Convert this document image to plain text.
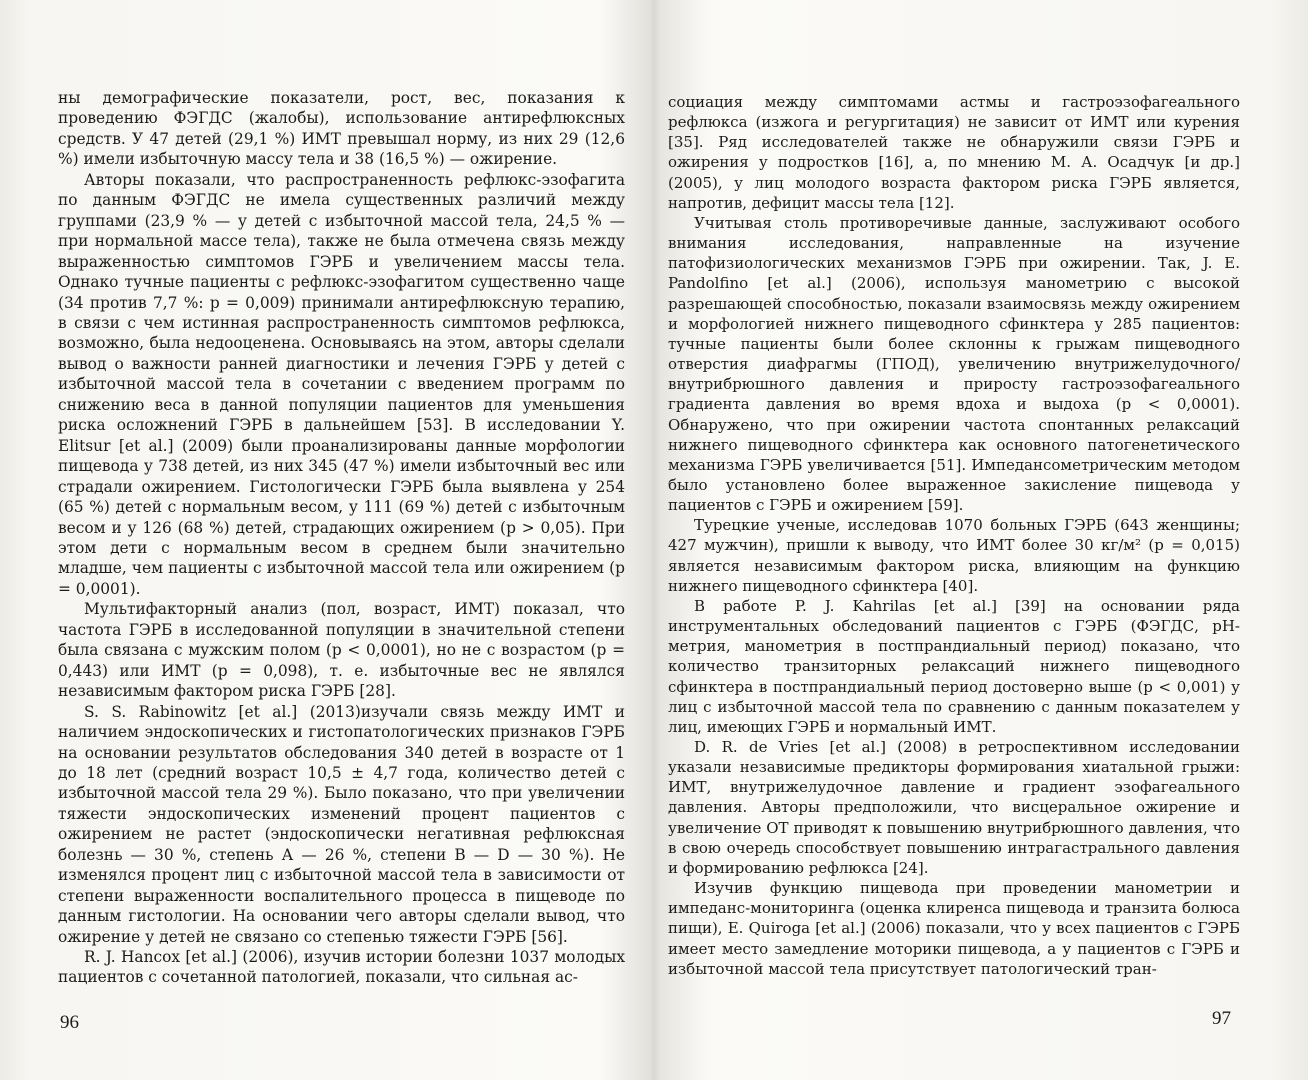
ны демографические показатели, рост, вес, показания к проведению ФЭГДС (жалобы), использование антирефлюксных средств. У 47 детей (29,1 %) ИМТ превышал норму, из них 29 (12,6 %) имели избыточную массу тела и 38 (16,5 %) — ожирение.

Авторы показали, что распространенность рефлюкс-эзофагита по данным ФЭГДС не имела существенных различий между группами (23,9 % — у детей с избыточной массой тела, 24,5 % — при нормальной массе тела), также не была отмечена связь между выраженностью симптомов ГЭРБ и увеличением массы тела. Однако тучные пациенты с рефлюкс-эзофагитом существенно чаще (34 против 7,7 %: p = 0,009) принимали антирефлюксную терапию, в связи с чем истинная распространенность симптомов рефлюкса, возможно, была недооценена. Основываясь на этом, авторы сделали вывод о важности ранней диагностики и лечения ГЭРБ у детей с избыточной массой тела в сочетании с введением программ по снижению веса в данной популяции пациентов для уменьшения риска осложнений ГЭРБ в дальнейшем [53]. В исследовании Y. Elitsur [et al.] (2009) были проанализированы данные морфологии пищевода у 738 детей, из них 345 (47 %) имели избыточный вес или страдали ожирением. Гистологически ГЭРБ была выявлена у 254 (65 %) детей с нормальным весом, у 111 (69 %) детей с избыточным весом и у 126 (68 %) детей, страдающих ожирением (p > 0,05). При этом дети с нормальным весом в среднем были значительно младше, чем пациенты с избыточной массой тела или ожирением (p = 0,0001).

Мультифакторный анализ (пол, возраст, ИМТ) показал, что частота ГЭРБ в исследованной популяции в значительной степени была связана с мужским полом (p < 0,0001), но не с возрастом (p = 0,443) или ИМТ (p = 0,098), т. е. избыточные вес не являлся независимым фактором риска ГЭРБ [28].

S. S. Rabinowitz [et al.] (2013)изучали связь между ИМТ и наличием эндоскопических и гистопатологических признаков ГЭРБ на основании результатов обследования 340 детей в возрасте от 1 до 18 лет (средний возраст 10,5 ± 4,7 года, количество детей с избыточной массой тела 29 %). Было показано, что при увеличении тяжести эндоскопических изменений процент пациентов с ожирением не растет (эндоскопически негативная рефлюксная болезнь — 30 %, степень А — 26 %, степени В — D — 30 %). Не изменялся процент лиц с избыточной массой тела в зависимости от степени выраженности воспалительного процесса в пищеводе по данным гистологии. На основании чего авторы сделали вывод, что ожирение у детей не связано со степенью тяжести ГЭРБ [56].

R. J. Hancox [et al.] (2006), изучив истории болезни 1037 молодых пациентов с сочетанной патологией, показали, что сильная ас-

96

социация между симптомами астмы и гастроэзофагеального рефлюкса (изжога и регургитация) не зависит от ИМТ или курения [35]. Ряд исследователей также не обнаружили связи ГЭРБ и ожирения у подростков [16], а, по мнению М. А. Осадчук [и др.] (2005), у лиц молодого возраста фактором риска ГЭРБ является, напротив, дефицит массы тела [12].

Учитывая столь противоречивые данные, заслуживают особого внимания исследования, направленные на изучение патофизиологических механизмов ГЭРБ при ожирении. Так, J. E. Pandolfino [et al.] (2006), используя манометрию с высокой разрешающей способностью, показали взаимосвязь между ожирением и морфологией нижнего пищеводного сфинктера у 285 пациентов: тучные пациенты были более склонны к грыжам пищеводного отверстия диафрагмы (ГПОД), увеличению внутрижелудочного/внутрибрюшного давления и приросту гастроэзофагеального градиента давления во время вдоха и выдоха (p < 0,0001). Обнаружено, что при ожирении частота спонтанных релаксаций нижнего пищеводного сфинктера как основного патогенетического механизма ГЭРБ увеличивается [51]. Импедансометрическим методом было установлено более выраженное закисление пищевода у пациентов с ГЭРБ и ожирением [59].

Турецкие ученые, исследовав 1070 больных ГЭРБ (643 женщины; 427 мужчин), пришли к выводу, что ИМТ более 30 кг/м² (p = 0,015) является независимым фактором риска, влияющим на функцию нижнего пищеводного сфинктера [40].

В работе P. J. Kahrilas [et al.] [39] на основании ряда инструментальных обследований пациентов с ГЭРБ (ФЭГДС, pH-метрия, манометрия в постпрандиальный период) показано, что количество транзиторных релаксаций нижнего пищеводного сфинктера в постпрандиальный период достоверно выше (p < 0,001) у лиц с избыточной массой тела по сравнению с данным показателем у лиц, имеющих ГЭРБ и нормальный ИМТ.

D. R. de Vries [et al.] (2008) в ретроспективном исследовании указали независимые предикторы формирования хиатальной грыжи: ИМТ, внутрижелудочное давление и градиент эзофагеального давления. Авторы предположили, что висцеральное ожирение и увеличение ОТ приводят к повышению внутрибрюшного давления, что в свою очередь способствует повышению интрагастрального давления и формированию рефлюкса [24].

Изучив функцию пищевода при проведении манометрии и импеданс-мониторинга (оценка клиренса пищевода и транзита болюса пищи), E. Quiroga [et al.] (2006) показали, что у всех пациентов с ГЭРБ имеет место замедление моторики пищевода, а у пациентов с ГЭРБ и избыточной массой тела присутствует патологический тран-

97
